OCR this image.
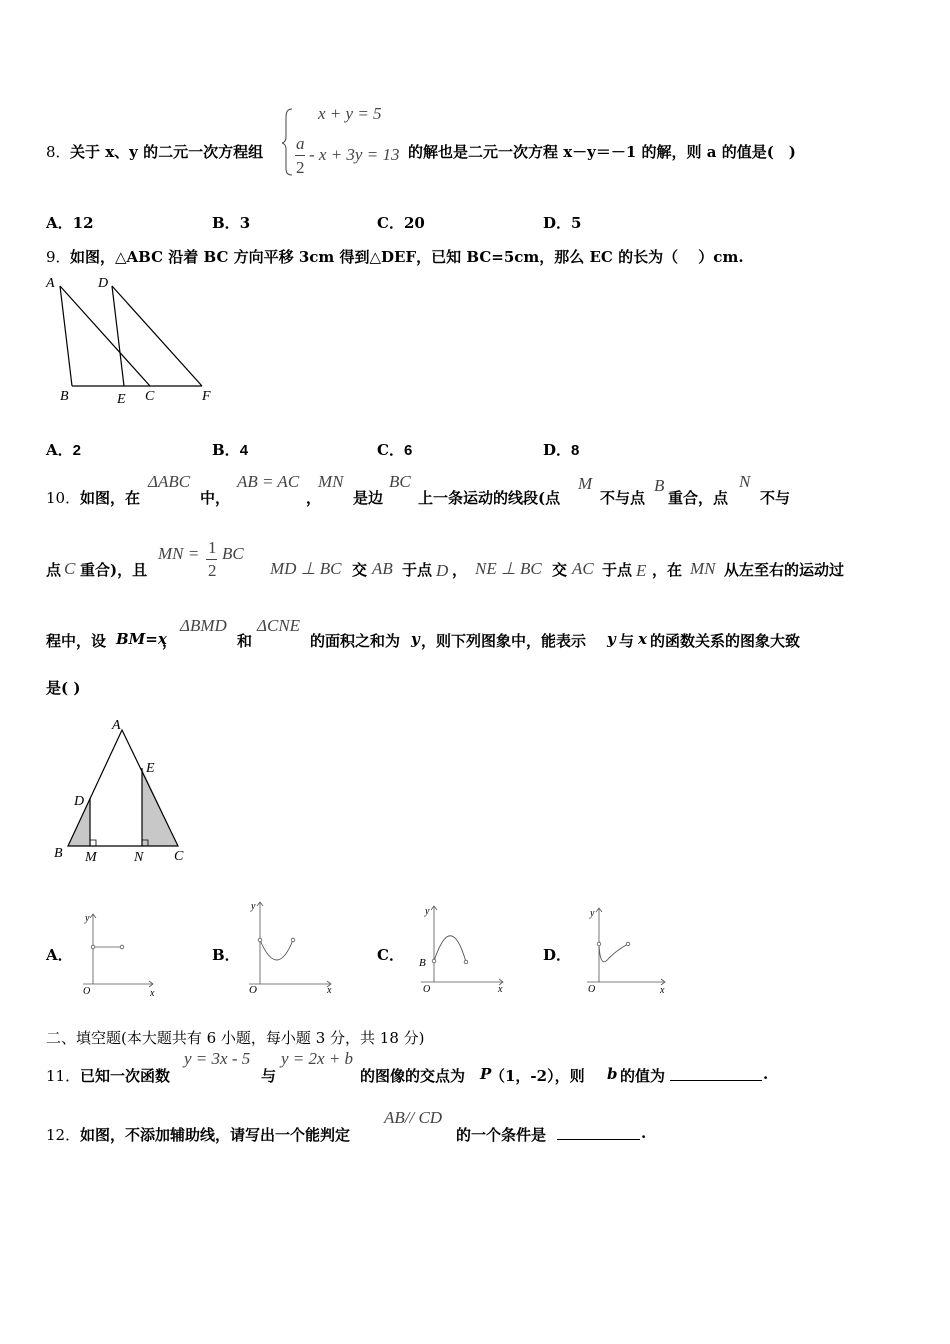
8． 关于 x、y 的二元一次方程组
x + y = 5
a
2
- x + 3y = 13 的解也是二元一次方程 x－y＝－1 的解，则 a 的值是(　)
A．12	B．3	C．20	D．5
9． 如图，△ABC 沿着 BC 方向平移 3cm 得到△DEF，已知 BC=5cm，那么 EC 的长为（　 ）cm.
A	D
B	E C	F
A．2	B．4	C．6	D．8
10． 如图，在
ΔABC
中，
AB = AC
，
MN
是边
BC
上一条运动的线段(点
M
不与点
B
重合，点
N
不与
点 C 重合)，且
MN = 1
2
BC
MD ⊥ BC 交 AB 于点 D ， NE ⊥ BC 交 AC 于点 E ，在 MN 从左至右的运动过
程中，设 BM=x
，
ΔBMD
和
ΔCNE
的面积之和为 y ，则下列图象中，能表示 y 与 x 的函数关系的图象大致
是( )
A
E
D
B M	N C
A．
y
x
O
B．
y
x
O
C．
y
x
O
B	D．
y
x
O
二、填空题(本大题共有 6 小题，每小题 3 分，共 18 分)
11． 已知一次函数
y = 3x - 5
与
y = 2x + b
的图像的交点为 P
（1，-2），则 b 的值为	.
12． 如图，不添加辅助线，请写出一个能判定
AB// CD
的一个条件是	.
